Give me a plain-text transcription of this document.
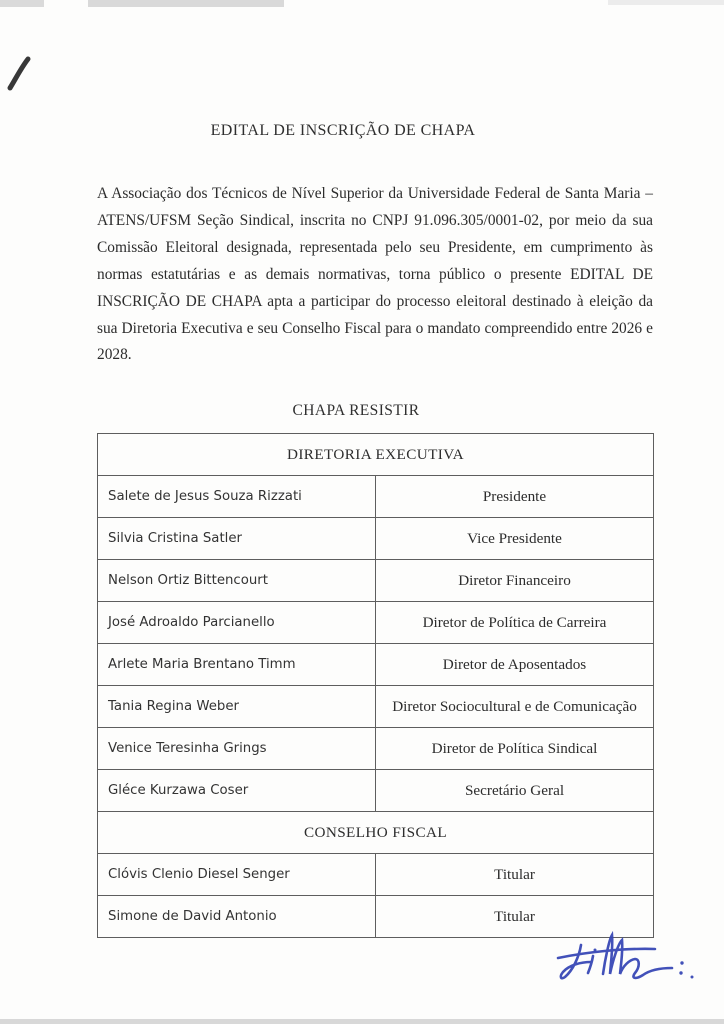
EDITAL DE INSCRIÇÃO DE CHAPA
A Associação dos Técnicos de Nível Superior da Universidade Federal de Santa Maria – ATENS/UFSM Seção Sindical, inscrita no CNPJ 91.096.305/0001-02, por meio da sua Comissão Eleitoral designada, representada pelo seu Presidente, em cumprimento às normas estatutárias e as demais normativas, torna público o presente EDITAL DE INSCRIÇÃO DE CHAPA apta a participar do processo eleitoral destinado à eleição da sua Diretoria Executiva e seu Conselho Fiscal para o mandato compreendido entre 2026 e 2028.
CHAPA RESISTIR
DIRETORIA EXECUTIVA	
Salete de Jesus Souza Rizzati	Presidente
Silvia Cristina Satler	Vice Presidente
Nelson Ortiz Bittencourt	Diretor Financeiro
José Adroaldo Parcianello	Diretor de Política de Carreira
Arlete Maria Brentano Timm	Diretor de Aposentados
Tania Regina Weber	Diretor Sociocultural e de Comunicação
Venice Teresinha Grings	Diretor de Política Sindical
Gléce Kurzawa Coser	Secretário Geral
CONSELHO FISCAL	
Clóvis Clenio Diesel Senger	Titular
Simone de David Antonio	Titular
